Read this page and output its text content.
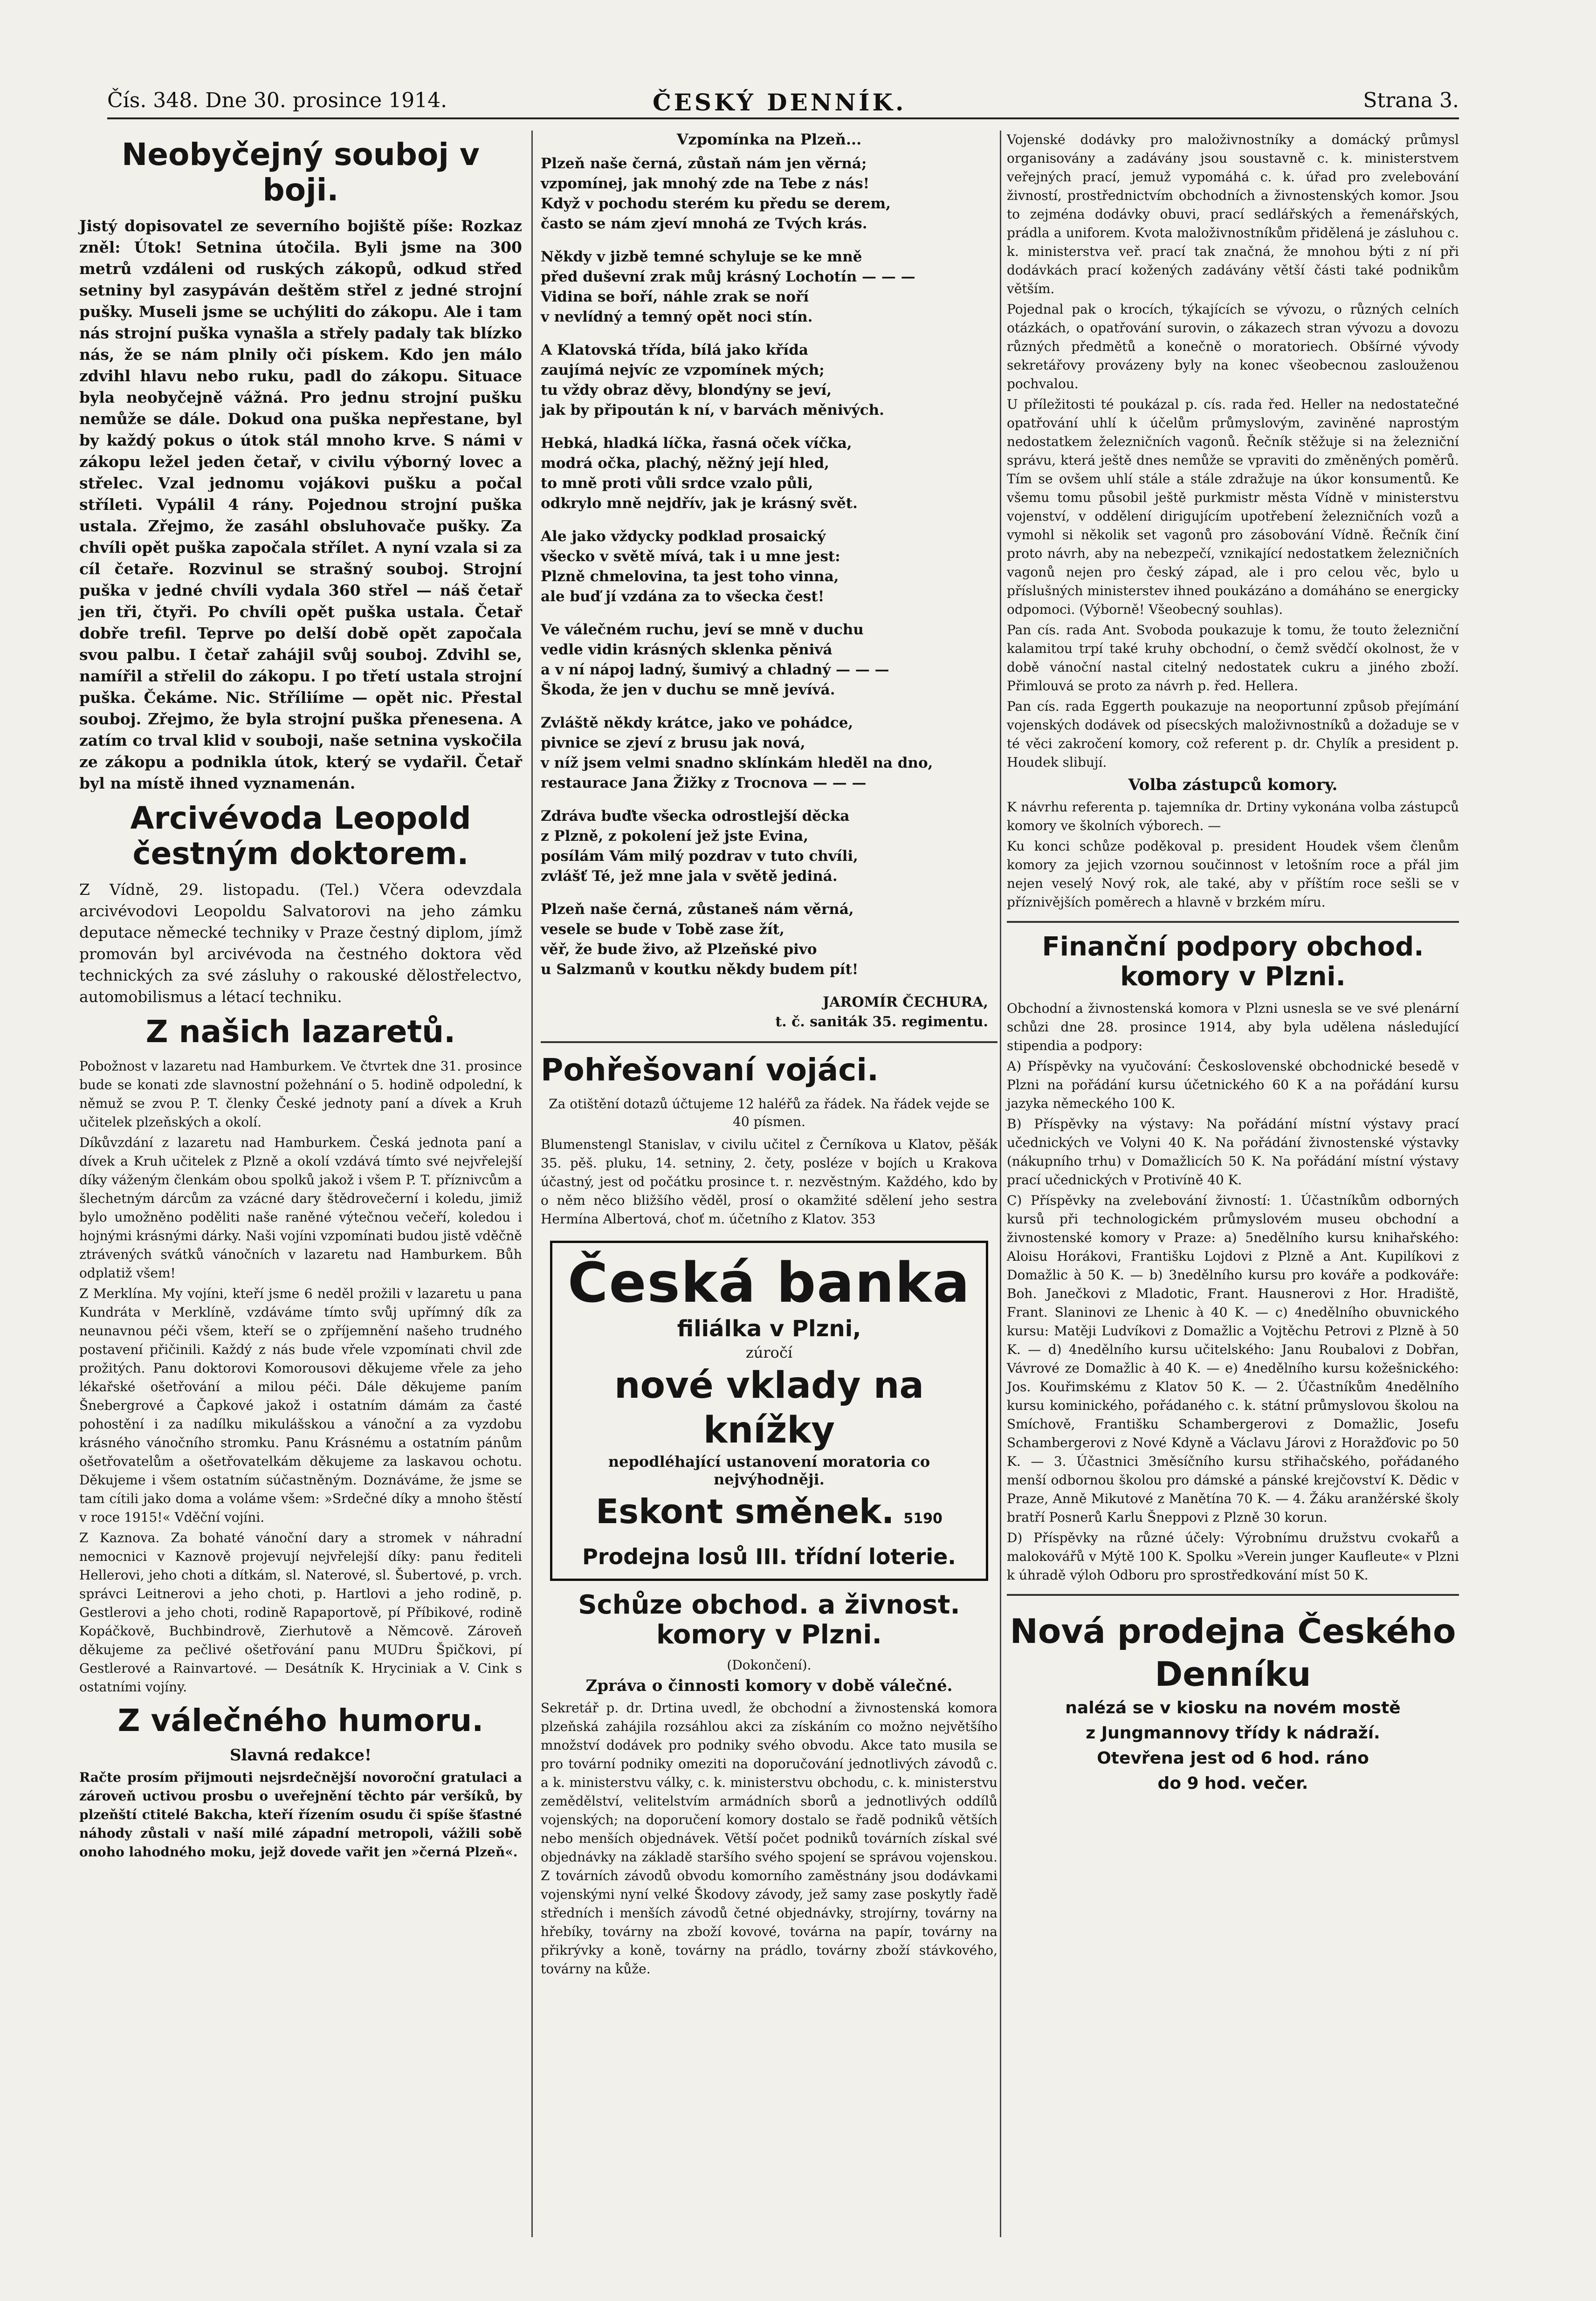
Čís. 348. Dne 30. prosince 1914.	ČESKÝ DENNÍK.	Strana 3.
Neobyčejný souboj v boji.

Jistý dopisovatel ze severního bojiště píše: Rozkaz zněl: Útok! Setnina útočila. Byli jsme na 300 metrů vzdáleni od ruských zákopů, odkud střed setniny byl zasypáván deštěm střel z jedné strojní pušky. Museli jsme se uchýliti do zákopu. Ale i tam nás strojní puška vynašla a střely padaly tak blízko nás, že se nám plnily oči pískem. Kdo jen málo zdvihl hlavu nebo ruku, padl do zákopu. Situace byla neobyčejně vážná. Pro jednu strojní pušku nemůže se dále. Dokud ona puška nepřestane, byl by každý pokus o útok stál mnoho krve. S námi v zákopu ležel jeden četař, v civilu výborný lovec a střelec. Vzal jednomu vojákovi pušku a počal stříleti. Vypálil 4 rány. Pojednou strojní puška ustala. Zřejmo, že zasáhl obsluhovače pušky. Za chvíli opět puška započala střílet. A nyní vzala si za cíl četaře. Rozvinul se strašný souboj. Strojní puška v jedné chvíli vydala 360 střel — náš četař jen tři, čtyři. Po chvíli opět puška ustala. Četař dobře trefil. Teprve po delší době opět započala svou palbu. I četař zahájil svůj souboj. Zdvihl se, namířil a střelil do zákopu. I po třetí ustala strojní puška. Čekáme. Nic. Stříliíme — opět nic. Přestal souboj. Zřejmo, že byla strojní puška přenesena. A zatím co trval klid v souboji, naše setnina vyskočila ze zákopu a podnikla útok, který se vydařil. Četař byl na místě ihned vyznamenán.

Arcivévoda Leopold čestným doktorem.

Z Vídně, 29. listopadu. (Tel.) Včera odevzdala arcivévodovi Leopoldu Salvatorovi na jeho zámku deputace německé techniky v Praze čestný diplom, jímž promován byl arcivévoda na čestného doktora věd technických za své zásluhy o rakouské dělostřelectvo, automobilismus a létací techniku.

Z našich lazaretů.

Pobožnost v lazaretu nad Hamburkem. Ve čtvrtek dne 31. prosince bude se konati zde slavnostní požehnání o 5. hodině odpolední, k němuž se zvou P. T. členky České jednoty paní a dívek a Kruh učitelek plzeňských a okolí.

Díkůvzdání z lazaretu nad Hamburkem. Česká jednota paní a dívek a Kruh učitelek z Plzně a okolí vzdává tímto své nejvřelejší díky váženým členkám obou spolků jakož i všem P. T. příznivcům a šlechetným dárcům za vzácné dary štědrovečerní i koledu, jimiž bylo umožněno poděliti naše raněné výtečnou večeří, koledou i hojnými krásnými dárky. Naši vojíni vzpomínati budou jistě vděčně ztrávených svátků vánočních v lazaretu nad Hamburkem. Bůh odplatiž všem!

Z Merklína. My vojíni, kteří jsme 6 neděl prožili v lazaretu u pana Kundráta v Merklíně, vzdáváme tímto svůj upřímný dík za neunavnou péči všem, kteří se o zpříjemnění našeho trudného postavení přičinili. Každý z nás bude vřele vzpomínati chvil zde prožitých. Panu doktorovi Komorousovi děkujeme vřele za jeho lékařské ošetřování a milou péči. Dále děkujeme paním Šnebergrové a Čapkové jakož i ostatním dámám za časté pohostění i za nadílku mikulášskou a vánoční a za vyzdobu krásného vánočního stromku. Panu Krásnému a ostatním pánům ošetřovatelům a ošetřovatelkám děkujeme za laskavou ochotu. Děkujeme i všem ostatním súčastněným. Doznáváme, že jsme se tam cítili jako doma a voláme všem: »Srdečné díky a mnoho štěstí v roce 1915!« Vděční vojíni.

Z Kaznova. Za bohaté vánoční dary a stromek v náhradní nemocnici v Kaznově projevují nejvřelejší díky: panu řediteli Hellerovi, jeho choti a dítkám, sl. Naterové, sl. Šubertové, p. vrch. správci Leitnerovi a jeho choti, p. Hartlovi a jeho rodině, p. Gestlerovi a jeho choti, rodině Rapaportově, pí Příbikové, rodině Kopáčkově, Buchbindrově, Zierhutově a Němcově. Zároveň děkujeme za pečlivé ošetřování panu MUDru Špičkovi, pí Gestlerové a Rainvartové. — Desátník K. Hryciniak a V. Cink s ostatními vojíny.

Z válečného humoru.
Slavná redakce!

Račte prosím přijmouti nejsrdečnější novoroční gratulaci a zároveň uctivou prosbu o uveřejnění těchto pár veršíků, by plzeňští ctitelé Bakcha, kteří řízením osudu či spíše šťastné náhody zůstali v naší milé západní metropoli, vážili sobě onoho lahodného moku, jejž dovede vařit jen »černá Plzeň«.

Vzpomínka na Plzeň...
Plzeň naše černá, zůstaň nám jen věrná;
vzpomínej, jak mnohý zde na Tebe z nás!
Když v pochodu sterém ku předu se derem,
často se nám zjeví mnohá ze Tvých krás.
Někdy v jizbě temné schyluje se ke mně
před duševní zrak můj krásný Lochotín — — —
Vidina se boří, náhle zrak se noří
v nevlídný a temný opět noci stín.
A Klatovská třída, bílá jako křída
zaujímá nejvíc ze vzpomínek mých;
tu vždy obraz děvy, blondýny se jeví,
jak by připoután k ní, v barvách měnivých.
Hebká, hladká líčka, řasná oček víčka,
modrá očka, plachý, něžný její hled,
to mně proti vůli srdce vzalo půli,
odkrylo mně nejdřív, jak je krásný svět.
Ale jako vždycky podklad prosaický
všecko v světě mívá, tak i u mne jest:
Plzně chmelovina, ta jest toho vinna,
ale buď jí vzdána za to všecka čest!
Ve válečném ruchu, jeví se mně v duchu
vedle vidin krásných sklenka pěnivá
a v ní nápoj ladný, šumivý a chladný — — —
Škoda, že jen v duchu se mně jevívá.
Zvláště někdy krátce, jako ve pohádce,
pivnice se zjeví z brusu jak nová,
v níž jsem velmi snadno sklínkám hleděl na dno,
restaurace Jana Žižky z Trocnova — — —
Zdráva buďte všecka odrostlejší děcka
z Plzně, z pokolení jež jste Evina,
posílám Vám milý pozdrav v tuto chvíli,
zvlášť Té, jež mne jala v světě jediná.
Plzeň naše černá, zůstaneš nám věrná,
vesele se bude v Tobě zase žít,
věř, že bude živo, až Plzeňské pivo
u Salzmanů v koutku někdy budem pít!
JAROMÍR ČECHURA,
t. č. saniták 35. regimentu.
Pohřešovaní vojáci.
Za otištění dotazů účtujeme 12 haléřů za řádek. Na řádek vejde se 40 písmen.

Blumenstengl Stanislav, v civilu učitel z Černíkova u Klatov, pěšák 35. pěš. pluku, 14. setniny, 2. čety, posléze v bojích u Krakova účastný, jest od počátku prosince t. r. nezvěstným. Každého, kdo by o něm něco bližšího věděl, prosí o okamžité sdělení jeho sestra Hermína Albertová, choť m. účetního z Klatov. 353

Česká banka
filiálka v Plzni,
zúročí
nové vklady na knížky
nepodléhající ustanovení moratoria co nejvýhodněji.
Eskont směnek. 5190
Prodejna losů III. třídní loterie.
Schůze obchod. a živnost. komory v Plzni.
(Dokončení).
Zpráva o činnosti komory v době válečné.

Sekretář p. dr. Drtina uvedl, že obchodní a živnostenská komora plzeňská zahájila rozsáhlou akci za získáním co možno největšího množství dodávek pro podniky svého obvodu. Akce tato musila se pro tovární podniky omeziti na doporučování jednotlivých závodů c. a k. ministerstvu války, c. k. ministerstvu obchodu, c. k. ministerstvu zemědělství, velitelstvím armádních sborů a jednotlivých oddílů vojenských; na doporučení komory dostalo se řadě podniků větších nebo menších objednávek. Větší počet podniků továrních získal své objednávky na základě staršího svého spojení se správou vojenskou. Z továrních závodů obvodu komorního zaměstnány jsou dodávkami vojenskými nyní velké Škodovy závody, jež samy zase poskytly řadě středních i menších závodů četné objednávky, strojírny, továrny na hřebíky, továrny na zboží kovové, továrna na papír, továrny na přikrývky a koně, továrny na prádlo, továrny zboží stávkového, továrny na kůže.

Vojenské dodávky pro maloživnostníky a domácký průmysl organisovány a zadávány jsou soustavně c. k. ministerstvem veřejných prací, jemuž vypomáhá c. k. úřad pro zvelebování živností, prostřednictvím obchodních a živnostenských komor. Jsou to zejména dodávky obuvi, prací sedlářských a řemenářských, prádla a uniforem. Kvota maloživnostníkům přidělená je zásluhou c. k. ministerstva veř. prací tak značná, že mnohou býti z ní při dodávkách prací kožených zadávány větší části také podnikům větším.

Pojednal pak o krocích, týkajících se vývozu, o různých celních otázkách, o opatřování surovin, o zákazech stran vývozu a dovozu různých předmětů a konečně o moratoriech. Obšírné vývody sekretářovy provázeny byly na konec všeobecnou zaslouženou pochvalou.

U příležitosti té poukázal p. cís. rada řed. Heller na nedostatečné opatřování uhlí k účelům průmyslovým, zaviněné naprostým nedostatkem železničních vagonů. Řečník stěžuje si na železniční správu, která ještě dnes nemůže se vpraviti do změněných poměrů. Tím se ovšem uhlí stále a stále zdražuje na úkor konsumentů. Ke všemu tomu působil ještě purkmistr města Vídně v ministerstvu vojenství, v oddělení dirigujícím upotřebení železničních vozů a vymohl si několik set vagonů pro zásobování Vídně. Řečník činí proto návrh, aby na nebezpečí, vznikající nedostatkem železničních vagonů nejen pro český západ, ale i pro celou věc, bylo u příslušných ministerstev ihned poukázáno a domáháno se energicky odpomoci. (Výborně! Všeobecný souhlas).

Pan cís. rada Ant. Svoboda poukazuje k tomu, že touto železniční kalamitou trpí také kruhy obchodní, o čemž svědčí okolnost, že v době vánoční nastal citelný nedostatek cukru a jiného zboží. Přimlouvá se proto za návrh p. řed. Hellera.

Pan cís. rada Eggerth poukazuje na neoportunní způsob přejímání vojenských dodávek od písecských maloživnostníků a dožaduje se v té věci zakročení komory, což referent p. dr. Chylík a president p. Houdek slibují.

Volba zástupců komory.

K návrhu referenta p. tajemníka dr. Drtiny vykonána volba zástupců komory ve školních výborech. —

Ku konci schůze poděkoval p. president Houdek všem členům komory za jejich vzornou součinnost v letošním roce a přál jim nejen veselý Nový rok, ale také, aby v příštím roce sešli se v příznivějších poměrech a hlavně v brzkém míru.

Finanční podpory obchod. komory v Plzni.

Obchodní a živnostenská komora v Plzni usnesla se ve své plenární schůzi dne 28. prosince 1914, aby byla udělena následující stipendia a podpory:

A) Příspěvky na vyučování: Československé obchodnické besedě v Plzni na pořádání kursu účetnického 60 K a na pořádání kursu jazyka německého 100 K.

B) Příspěvky na výstavy: Na pořádání místní výstavy prací učednických ve Volyni 40 K. Na pořádání živnostenské výstavky (nákupního trhu) v Domažlicích 50 K. Na pořádání místní výstavy prací učednických v Protivíně 40 K.

C) Příspěvky na zvelebování živností: 1. Účastníkům odborných kursů při technologickém průmyslovém museu obchodní a živnostenské komory v Praze: a) 5nedělního kursu knihařského: Aloisu Horákovi, Františku Lojdovi z Plzně a Ant. Kupilíkovi z Domažlic à 50 K. — b) 3nedělního kursu pro kováře a podkováře: Boh. Janečkovi z Mladotic, Frant. Hausnerovi z Hor. Hradiště, Frant. Slaninovi ze Lhenic à 40 K. — c) 4nedělního obuvnického kursu: Matěji Ludvíkovi z Domažlic a Vojtěchu Petrovi z Plzně à 50 K. — d) 4nedělního kursu učitelského: Janu Roubalovi z Dobřan, Vávrové ze Domažlic à 40 K. — e) 4nedělního kursu kožešnického: Jos. Kouřimskému z Klatov 50 K. — 2. Účastníkům 4nedělního kursu kominického, pořádaného c. k. státní průmyslovou školou na Smíchově, Františku Schambergerovi z Domažlic, Josefu Schambergerovi z Nové Kdyně a Václavu Járovi z Horažďovic po 50 K. — 3. Účastnici 3měsíčního kursu střihačského, pořádaného menší odbornou školou pro dámské a pánské krejčovství K. Dědic v Praze, Anně Mikutové z Manětína 70 K. — 4. Žáku aranžérské školy bratří Posnerů Karlu Šneppovi z Plzně 30 korun.

D) Příspěvky na různé účely: Výrobnímu družstvu cvokařů a malokovářů v Mýtě 100 K. Spolku »Verein junger Kaufleute« v Plzni k úhradě výloh Odboru pro sprostředkování míst 50 K.

Nová prodejna Českého Denníku
nalézá se v kiosku na novém mostě
z Jungmannovy třídy k nádraží.
Otevřena jest od 6 hod. ráno
do 9 hod. večer.
